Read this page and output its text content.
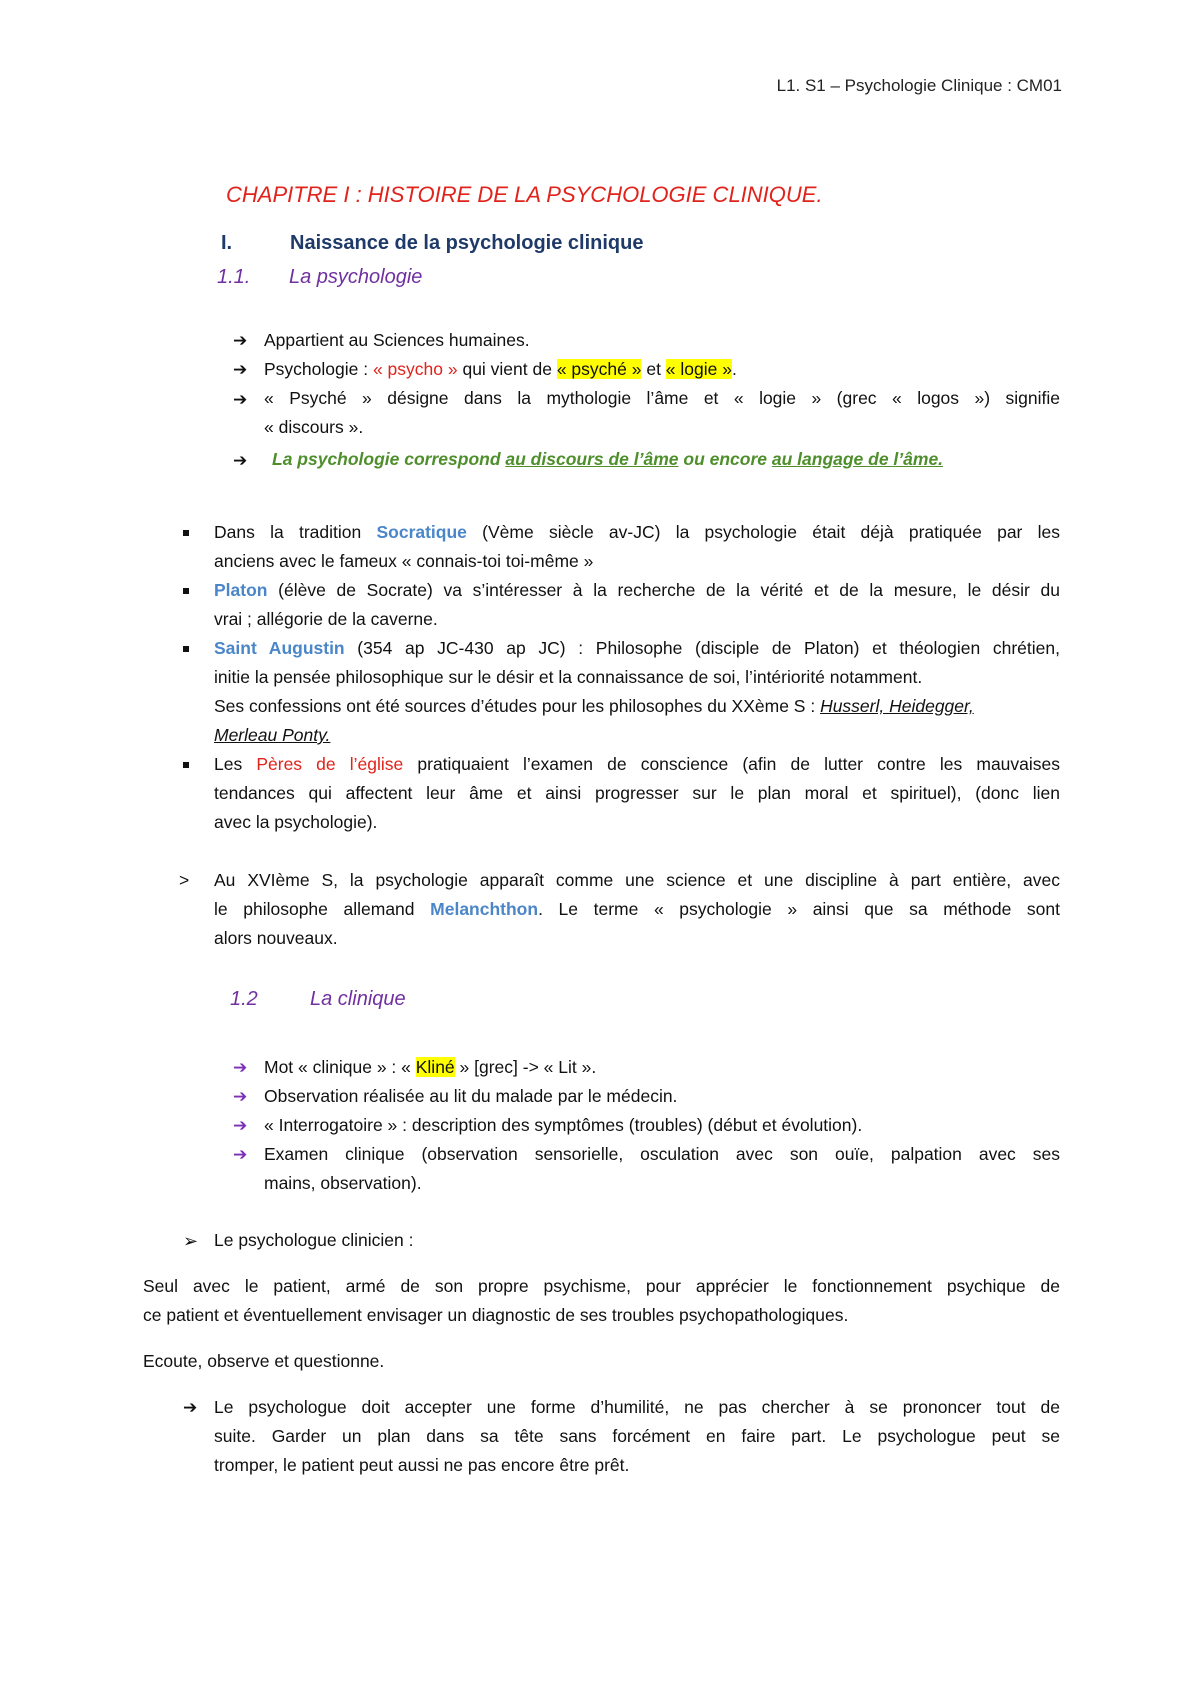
L1. S1 – Psychologie Clinique : CM01
CHAPITRE I : HISTOIRE DE LA PSYCHOLOGIE CLINIQUE.
I.	Naissance de la psychologie clinique
1.1. La psychologie
➔ Appartient au Sciences humaines.
➔ Psychologie : « psycho » qui vient de « psyché » et « logie ».
➔ « Psyché » désigne dans la mythologie l’âme et « logie » (grec « logos ») signifie
« discours ».
➔ La psychologie correspond au discours de l’âme ou encore au langage de l’âme.
Dans la tradition Socratique (Vème siècle av-JC) la psychologie était déjà pratiquée par les
anciens avec le fameux « connais-toi toi-même »
Platon (élève de Socrate) va s’intéresser à la recherche de la vérité et de la mesure, le désir du
vrai ; allégorie de la caverne.
Saint Augustin (354 ap JC-430 ap JC) : Philosophe (disciple de Platon) et théologien chrétien,
initie la pensée philosophique sur le désir et la connaissance de soi, l’intériorité notamment.
Ses confessions ont été sources d’études pour les philosophes du XXème S : Husserl, Heidegger,
Merleau Ponty.
Les Pères de l’église pratiquaient l’examen de conscience (afin de lutter contre les mauvaises
tendances qui affectent leur âme et ainsi progresser sur le plan moral et spirituel), (donc lien
avec la psychologie).
> Au XVIème S, la psychologie apparaît comme une science et une discipline à part entière, avec
le philosophe allemand Melanchthon. Le terme « psychologie » ainsi que sa méthode sont
alors nouveaux.
1.2	La clinique
➔ Mot « clinique » : « Kliné » [grec] -> « Lit ».
➔ Observation réalisée au lit du malade par le médecin.
➔ « Interrogatoire » : description des symptômes (troubles) (début et évolution).
➔ Examen clinique (observation sensorielle, osculation avec son ouïe, palpation avec ses
mains, observation).
➢ Le psychologue clinicien :
Seul avec le patient, armé de son propre psychisme, pour apprécier le fonctionnement psychique de
ce patient et éventuellement envisager un diagnostic de ses troubles psychopathologiques.
Ecoute, observe et questionne.
➔ Le psychologue doit accepter une forme d’humilité, ne pas chercher à se prononcer tout de
suite. Garder un plan dans sa tête sans forcément en faire part. Le psychologue peut se
tromper, le patient peut aussi ne pas encore être prêt.
